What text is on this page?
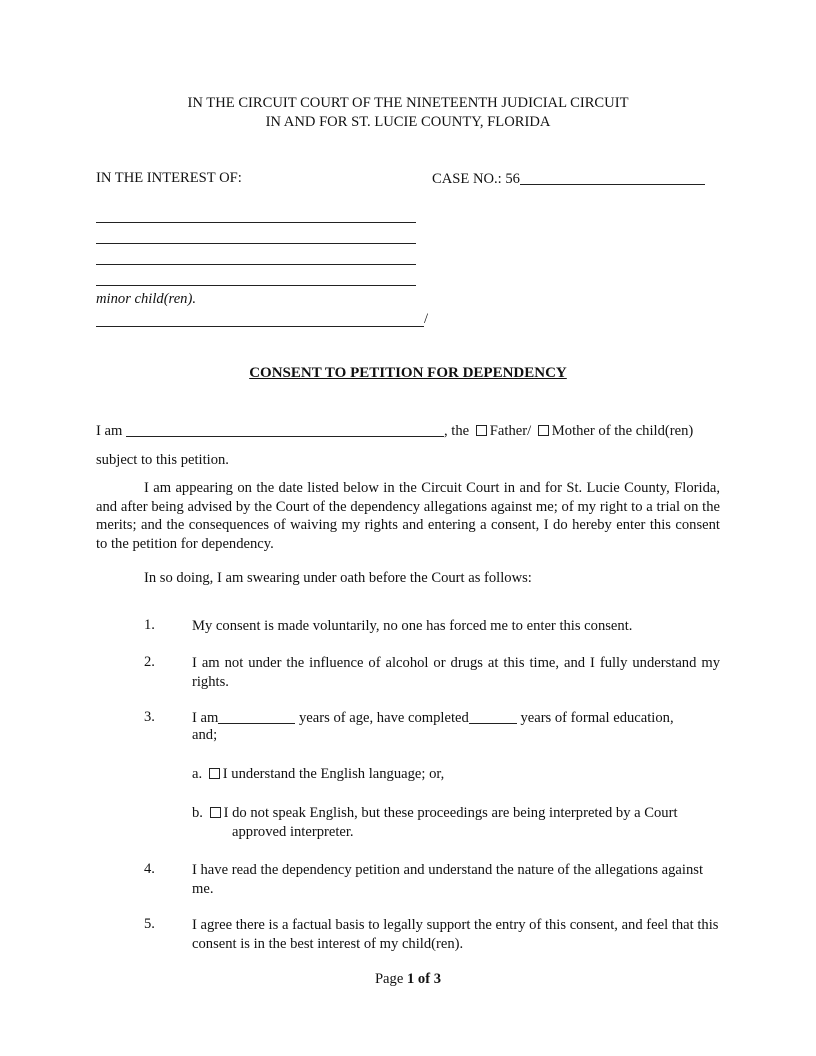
IN THE CIRCUIT COURT OF THE NINETEENTH JUDICIAL CIRCUIT
IN AND FOR ST. LUCIE COUNTY, FLORIDA
IN THE INTEREST OF:	CASE NO.: 56
minor child(ren).
/
CONSENT TO PETITION FOR DEPENDENCY
I am	, the Father/ Mother of the child(ren)
subject to this petition.
I am appearing on the date listed below in the Circuit Court in and for St. Lucie County, Florida, and after being advised by the Court of the dependency allegations against me; of my right to a trial on the merits; and the consequences of waiving my rights and entering a consent, I do hereby enter this consent to the petition for dependency.
In so doing, I am swearing under oath before the Court as follows:
1.	My consent is made voluntarily, no one has forced me to enter this consent.
2.	I am not under the influence of alcohol or drugs at this time, and I fully understand my rights.
3.	I am	years of age, have completed	years of formal education,
and;
a. I understand the English language; or,
b. I do not speak English, but these proceedings are being interpreted by a Court
approved interpreter.
4.	I have read the dependency petition and understand the nature of the allegations against me.
5.	I agree there is a factual basis to legally support the entry of this consent, and feel that this consent is in the best interest of my child(ren).
Page 1 of 3
